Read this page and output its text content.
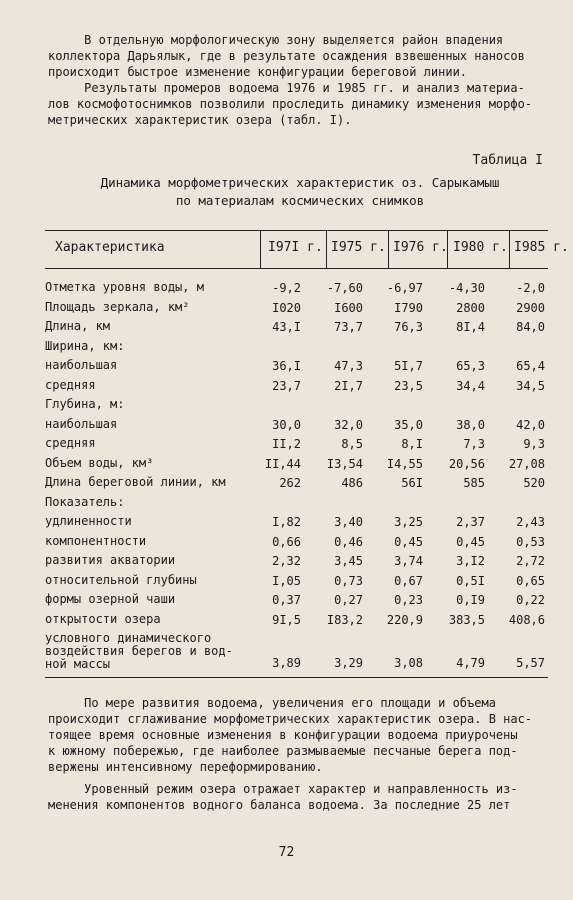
В отдельную морфологическую зону выделяется район впадения

коллектора Дарьялык, где в результате осаждения взвешенных наносов

происходит быстрое изменение конфигурации береговой линии.

Результаты промеров водоема 1976 и 1985 гг. и анализ материа-

лов космофотоснимков позволили проследить динамику изменения морфо-

метрических характеристик озера (табл. I).

Таблица I
Динамика морфометрических характеристик оз. Сарыкамыш
по материалам космических снимков
Характеристика	I97I г. I975 г. I976 г. I980 г. I985 г.
Отметка уровня воды, м	-9,2	-7,60	-6,97	-4,30	-2,0
Площадь зеркала, км²	I020	I600	I790	2800	2900
Длина, км	43,I	73,7	76,3	8I,4	84,0
Ширина, км:
наибольшая	36,I	47,3	5I,7	65,3	65,4
средняя	23,7	2I,7	23,5	34,4	34,5
Глубина, м:
наибольшая	30,0	32,0	35,0	38,0	42,0
средняя	II,2	8,5	8,I	7,3	9,3
Объем воды, км³	II,44	I3,54	I4,55	20,56	27,08
Длина береговой линии, км	262	486	56I	585	520
Показатель:
удлиненности	I,82	3,40	3,25	2,37	2,43
компонентности	0,66	0,46	0,45	0,45	0,53
развития акватории	2,32	3,45	3,74	3,I2	2,72
относительной глубины	I,05	0,73	0,67	0,5I	0,65
формы озерной чаши	0,37	0,27	0,23	0,I9	0,22
открытости озера	9I,5	I83,2	220,9	383,5	408,6
условного динамического
воздействия берегов и вод-
ной массы	3,89	3,29	3,08	4,79	5,57

По мере развития водоема, увеличения его площади и объема

происходит сглаживание морфометрических характеристик озера. В нас-

тоящее время основные изменения в конфигурации водоема приурочены

к южному побережью, где наиболее размываемые песчаные берега под-

вержены интенсивному переформированию.

Уровенный режим озера отражает характер и направленность из-

менения компонентов водного баланса водоема. За последние 25 лет

72
